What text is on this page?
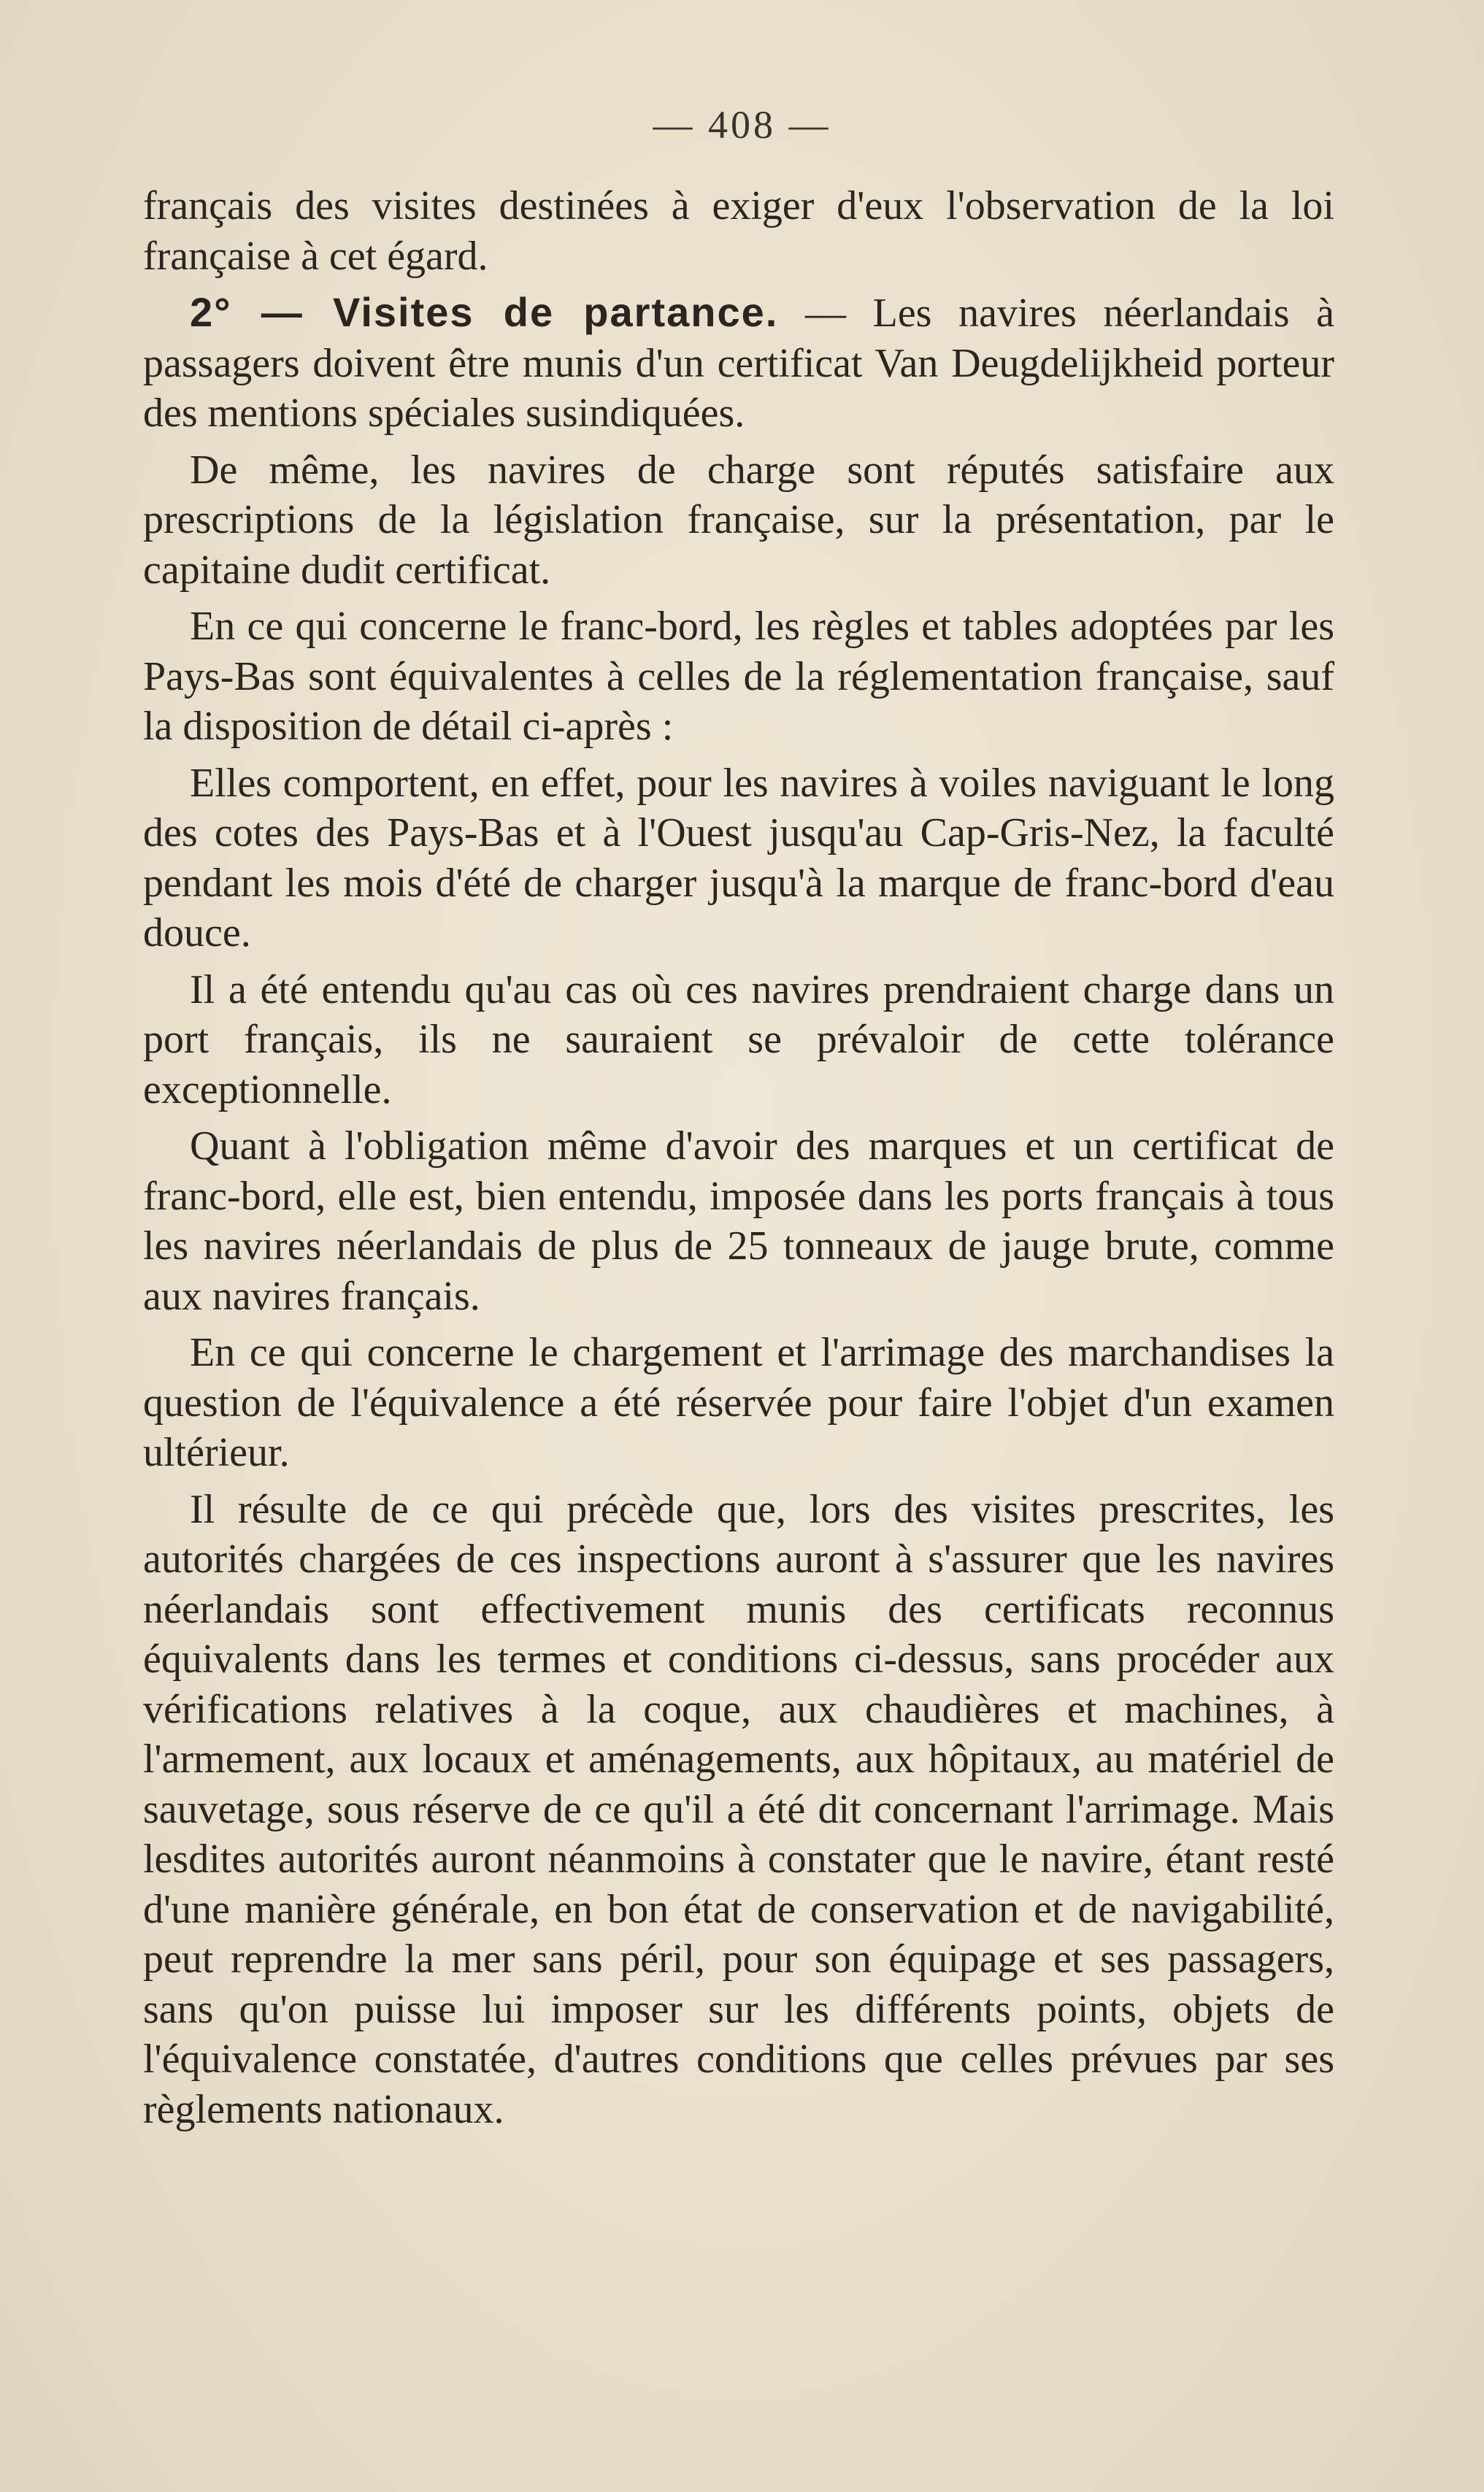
— 408 —

français des visites destinées à exiger d'eux l'observation de la loi française à cet égard.

2° — Visites de partance. — Les navires néerlandais à passagers doivent être munis d'un certificat Van Deugdelijkheid porteur des mentions spéciales susindiquées.

De même, les navires de charge sont réputés satisfaire aux prescriptions de la législation française, sur la présentation, par le capitaine dudit certificat.

En ce qui concerne le franc-bord, les règles et tables adoptées par les Pays-Bas sont équivalentes à celles de la réglementation française, sauf la disposition de détail ci-après :

Elles comportent, en effet, pour les navires à voiles naviguant le long des cotes des Pays-Bas et à l'Ouest jusqu'au Cap-Gris-Nez, la faculté pendant les mois d'été de charger jusqu'à la marque de franc-bord d'eau douce.

Il a été entendu qu'au cas où ces navires prendraient charge dans un port français, ils ne sauraient se prévaloir de cette tolérance exceptionnelle.

Quant à l'obligation même d'avoir des marques et un certificat de franc-bord, elle est, bien entendu, imposée dans les ports français à tous les navires néerlandais de plus de 25 tonneaux de jauge brute, comme aux navires français.

En ce qui concerne le chargement et l'arrimage des marchandises la question de l'équivalence a été réservée pour faire l'objet d'un examen ultérieur.

Il résulte de ce qui précède que, lors des visites prescrites, les autorités chargées de ces inspections auront à s'assurer que les navires néerlandais sont effectivement munis des certificats reconnus équivalents dans les termes et conditions ci-dessus, sans procéder aux vérifications relatives à la coque, aux chaudières et machines, à l'armement, aux locaux et aménagements, aux hôpitaux, au matériel de sauvetage, sous réserve de ce qu'il a été dit concernant l'arrimage. Mais lesdites autorités auront néanmoins à constater que le navire, étant resté d'une manière générale, en bon état de conservation et de navigabilité, peut reprendre la mer sans péril, pour son équipage et ses passagers, sans qu'on puisse lui imposer sur les différents points, objets de l'équivalence constatée, d'autres conditions que celles prévues par ses règlements nationaux.
